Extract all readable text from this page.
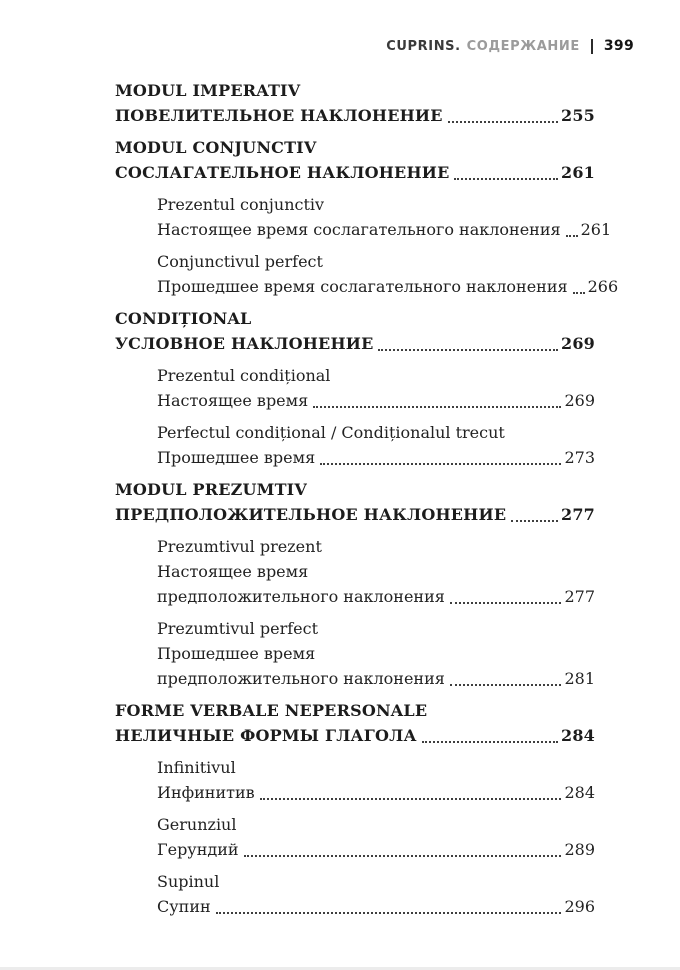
CUPRINS. СОДЕРЖАНИЕ 399
MODUL IMPERATIV
ПОВЕЛИТЕЛЬНОЕ НАКЛОНЕНИЕ	255
MODUL CONJUNCTIV
СОСЛАГАТЕЛЬНОЕ НАКЛОНЕНИЕ	261
Prezentul conjunctiv
Настоящее время сослагательного наклонения 261
Conjunctivul perfect
Прошедшее время сослагательного наклонения 266
CONDIȚIONAL
УСЛОВНОЕ НАКЛОНЕНИЕ	269
Prezentul condițional
Настоящее время	269
Perfectul condițional / Condiționalul trecut
Прошедшее время	273
MODUL PREZUMTIV
ПРЕДПОЛОЖИТЕЛЬНОЕ НАКЛОНЕНИЕ	277
Prezumtivul prezent
Настоящее время
предположительного наклонения	277
Prezumtivul perfect
Прошедшее время
предположительного наклонения	281
FORME VERBALE NEPERSONALE
НЕЛИЧНЫЕ ФОРМЫ ГЛАГОЛА	284
Infinitivul
Инфинитив	284
Gerunziul
Герундий	289
Supinul
Супин	296
